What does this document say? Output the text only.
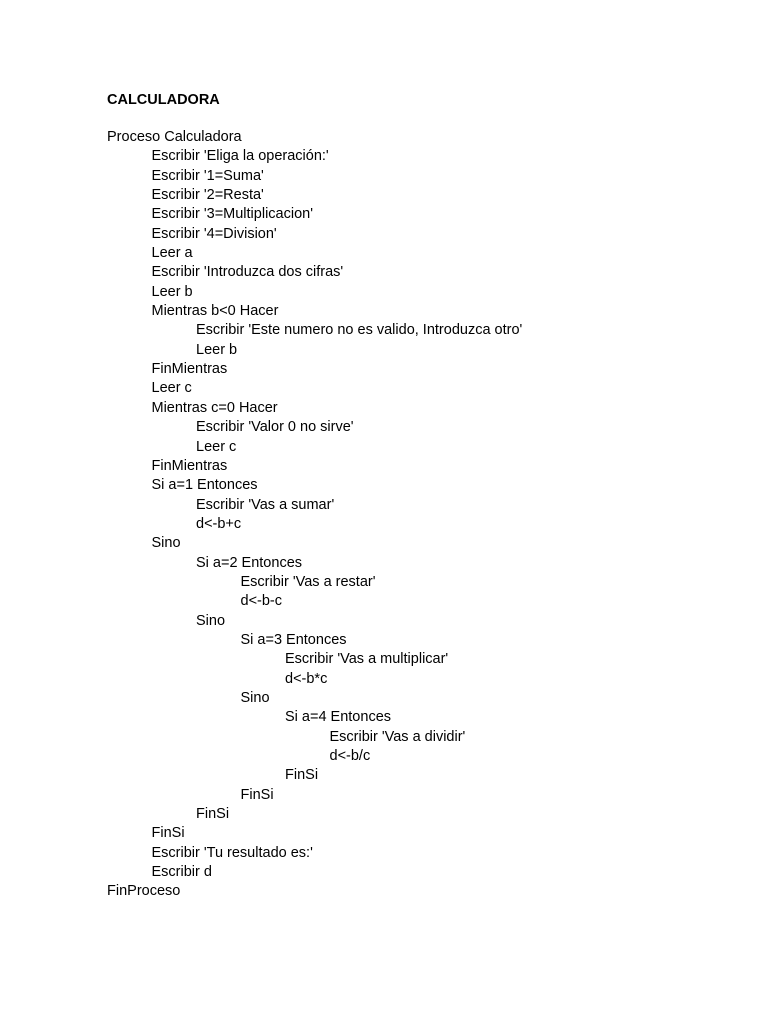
CALCULADORA
Proceso Calculadora
Escribir 'Eliga la operación:'
Escribir '1=Suma'
Escribir '2=Resta'
Escribir '3=Multiplicacion'
Escribir '4=Division'
Leer a
Escribir 'Introduzca dos cifras'
Leer b
Mientras b<0 Hacer
Escribir 'Este numero no es valido, Introduzca otro'
Leer b
FinMientras
Leer c
Mientras c=0 Hacer
Escribir 'Valor 0 no sirve'
Leer c
FinMientras
Si a=1 Entonces
Escribir 'Vas a sumar'
d<-b+c
Sino
Si a=2 Entonces
Escribir 'Vas a restar'
d<-b-c
Sino
Si a=3 Entonces
Escribir 'Vas a multiplicar'
d<-b*c
Sino
Si a=4 Entonces
Escribir 'Vas a dividir'
d<-b/c
FinSi
FinSi
FinSi
FinSi
Escribir 'Tu resultado es:'
Escribir d
FinProceso
